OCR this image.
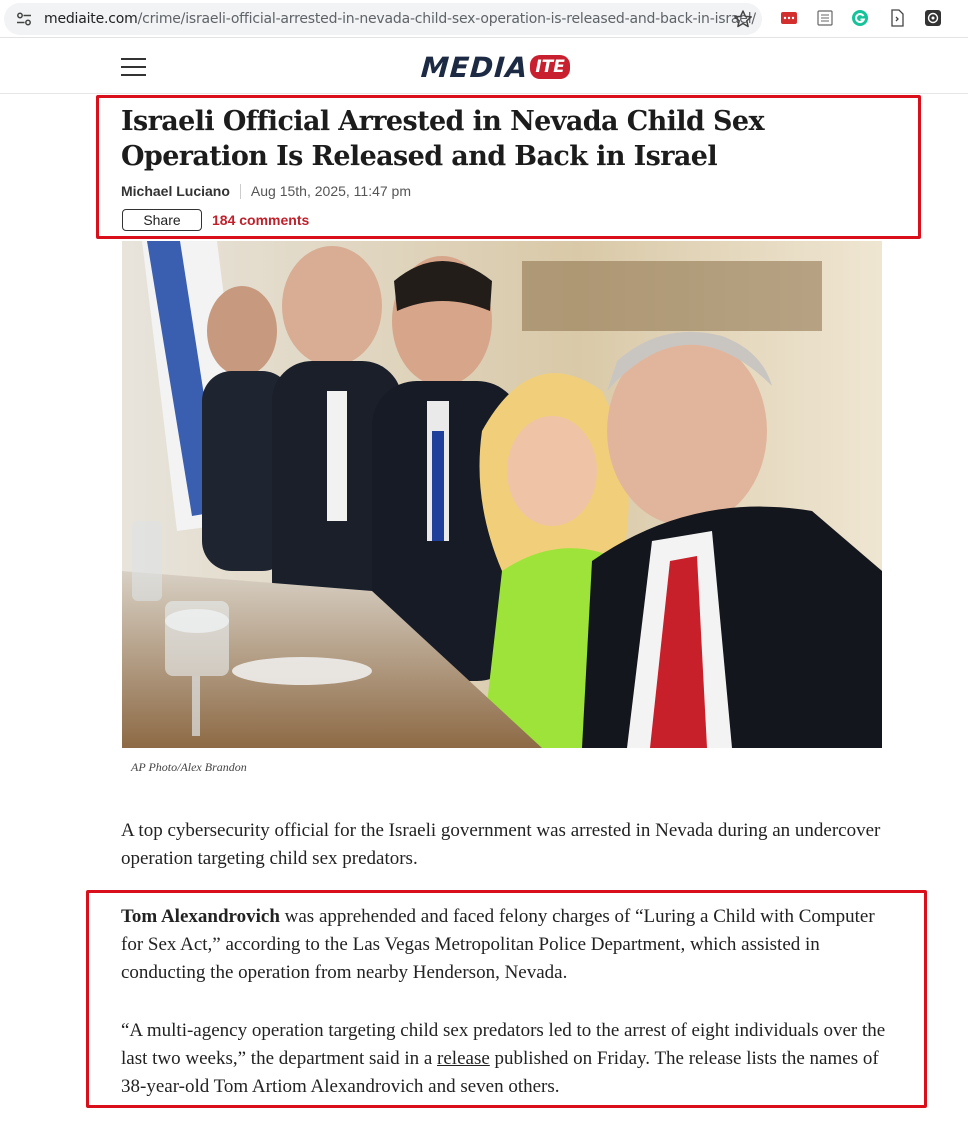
mediaite.com/crime/israeli-official-arrested-in-nevada-child-sex-operation-is-released-and-back-in-israel/
MEDIA ITE
Israeli Official Arrested in Nevada Child Sex Operation Is Released and Back in Israel
Michael Luciano Aug 15th, 2025, 11:47 pm
Share	184 comments
AP Photo/Alex Brandon

A top cybersecurity official for the Israeli government was arrested in Nevada during an undercover operation targeting child sex predators.

Tom Alexandrovich was apprehended and faced felony charges of “Luring a Child with Computer for Sex Act,” according to the Las Vegas Metropolitan Police Department, which assisted in conducting the operation from nearby Henderson, Nevada.

“A multi-agency operation targeting child sex predators led to the arrest of eight individuals over the last two weeks,” the department said in a release published on Friday. The release lists the names of 38-year-old Tom Artiom Alexandrovich and seven others.
